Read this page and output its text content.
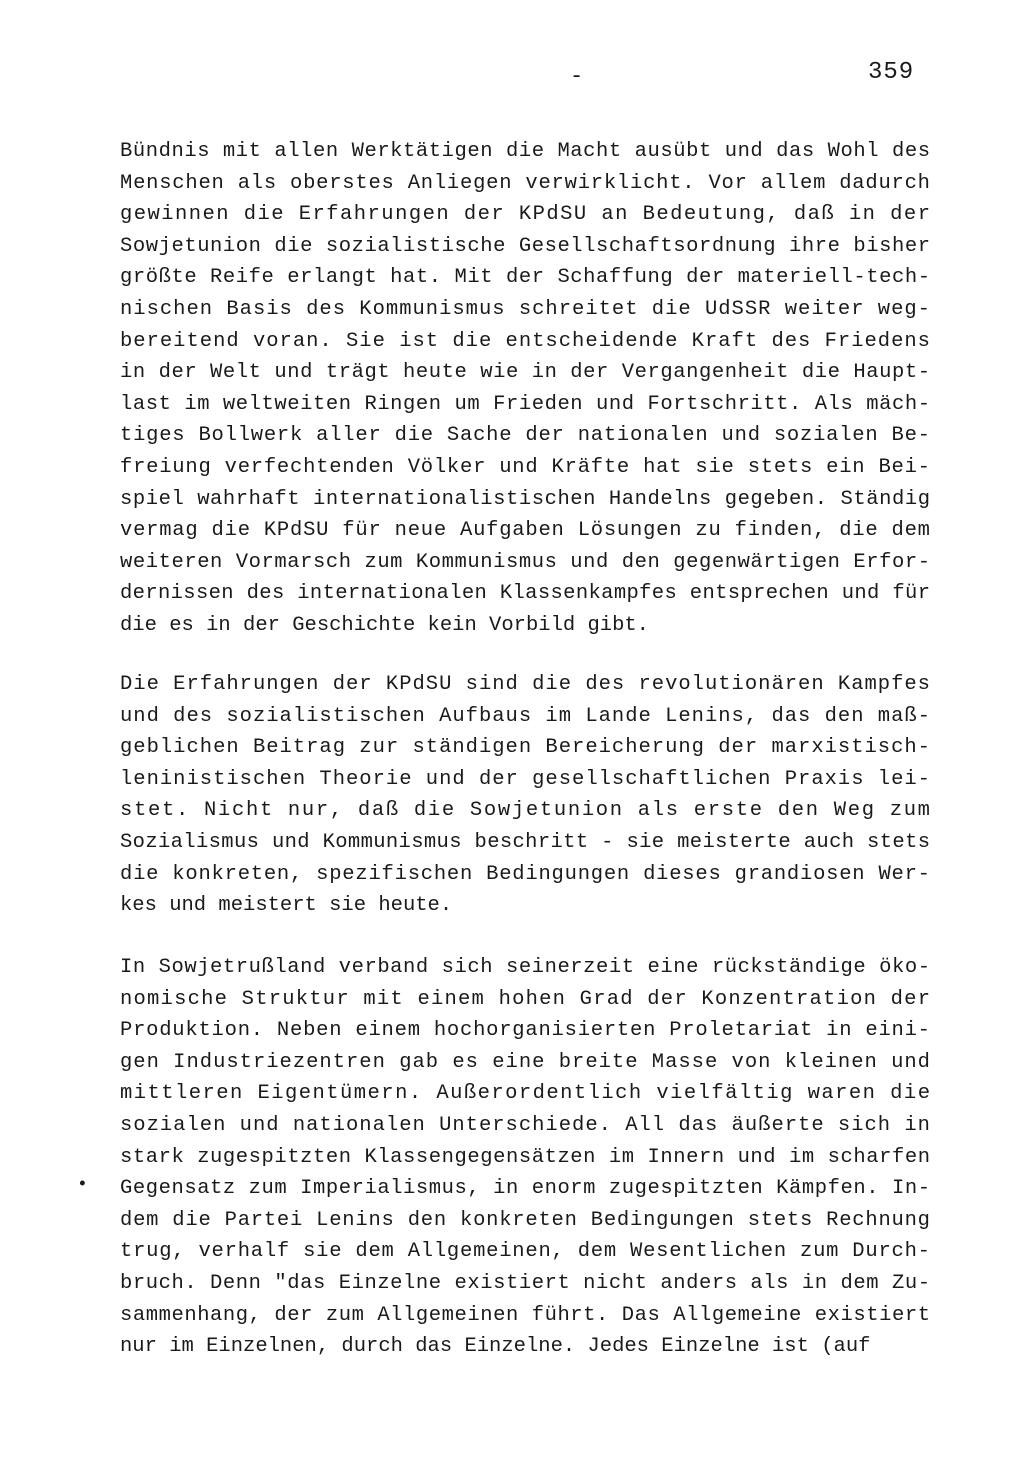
-	359
•
Bündnis mit allen Werktätigen die Macht ausübt und das Wohl des
Menschen als oberstes Anliegen verwirklicht. Vor allem dadurch
gewinnen die Erfahrungen der KPdSU an Bedeutung, daß in der
Sowjetunion die sozialistische Gesellschaftsordnung ihre bisher
größte Reife erlangt hat. Mit der Schaffung der materiell-tech-
nischen Basis des Kommunismus schreitet die UdSSR weiter weg-
bereitend voran. Sie ist die entscheidende Kraft des Friedens
in der Welt und trägt heute wie in der Vergangenheit die Haupt-
last im weltweiten Ringen um Frieden und Fortschritt. Als mäch-
tiges Bollwerk aller die Sache der nationalen und sozialen Be-
freiung verfechtenden Völker und Kräfte hat sie stets ein Bei-
spiel wahrhaft internationalistischen Handelns gegeben. Ständig
vermag die KPdSU für neue Aufgaben Lösungen zu finden, die dem
weiteren Vormarsch zum Kommunismus und den gegenwärtigen Erfor-
dernissen des internationalen Klassenkampfes entsprechen und für
die es in der Geschichte kein Vorbild gibt.
Die Erfahrungen der KPdSU sind die des revolutionären Kampfes
und des sozialistischen Aufbaus im Lande Lenins, das den maß-
geblichen Beitrag zur ständigen Bereicherung der marxistisch-
leninistischen Theorie und der gesellschaftlichen Praxis lei-
stet. Nicht nur, daß die Sowjetunion als erste den Weg zum
Sozialismus und Kommunismus beschritt - sie meisterte auch stets
die konkreten, spezifischen Bedingungen dieses grandiosen Wer-
kes und meistert sie heute.
In Sowjetrußland verband sich seinerzeit eine rückständige öko-
nomische Struktur mit einem hohen Grad der Konzentration der
Produktion. Neben einem hochorganisierten Proletariat in eini-
gen Industriezentren gab es eine breite Masse von kleinen und
mittleren Eigentümern. Außerordentlich vielfältig waren die
sozialen und nationalen Unterschiede. All das äußerte sich in
stark zugespitzten Klassengegensätzen im Innern und im scharfen
Gegensatz zum Imperialismus, in enorm zugespitzten Kämpfen. In-
dem die Partei Lenins den konkreten Bedingungen stets Rechnung
trug, verhalf sie dem Allgemeinen, dem Wesentlichen zum Durch-
bruch. Denn "das Einzelne existiert nicht anders als in dem Zu-
sammenhang, der zum Allgemeinen führt. Das Allgemeine existiert
nur im Einzelnen, durch das Einzelne. Jedes Einzelne ist (auf
